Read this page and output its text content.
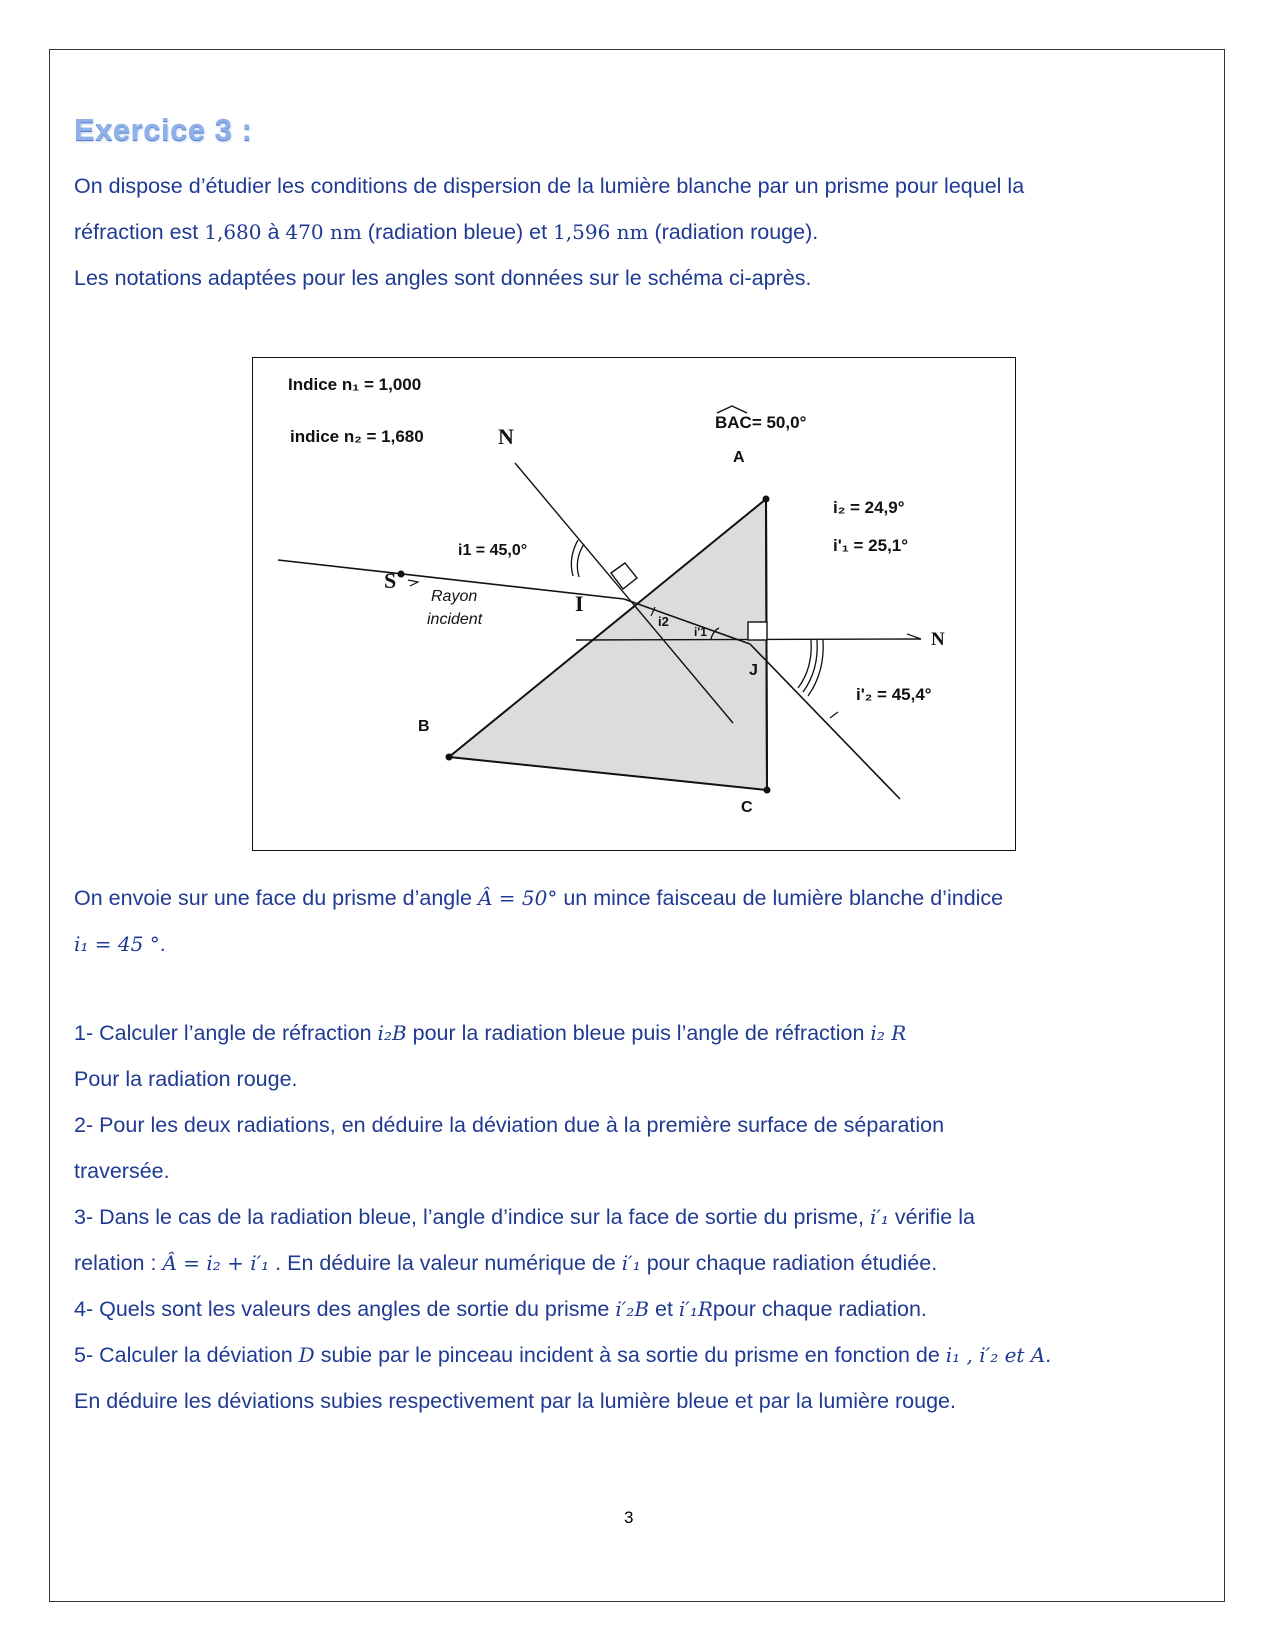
Exercice 3 :
On dispose d’étudier les conditions de dispersion de la lumière blanche par un prisme pour lequel la
réfraction est 1,680 à 470 nm (radiation bleue) et 1,596 nm (radiation rouge).
Les notations adaptées pour les angles sont données sur le schéma ci-après.
Indice n₁ = 1,000
indice n₂ = 1,680	N
BAC= 50,0°
A
i₂ = 24,9°
i'₁ = 25,1°
i1 = 45,0°
S
Rayon
incident
I
i2
i'1	N
J
i'₂ = 45,4°
B
C
On envoie sur une face du prisme d’angle Â = 50° un mince faisceau de lumière blanche d’indice
i₁ = 45 °.
1- Calculer l’angle de réfraction i₂B pour la radiation bleue puis l’angle de réfraction i₂ R
Pour la radiation rouge.
2- Pour les deux radiations, en déduire la déviation due à la première surface de séparation
traversée.
3- Dans le cas de la radiation bleue, l’angle d’indice sur la face de sortie du prisme, i′₁ vérifie la
relation : Â = i₂ + i′₁ . En déduire la valeur numérique de i′₁ pour chaque radiation étudiée.
4- Quels sont les valeurs des angles de sortie du prisme i′₂B et i′₁Rpour chaque radiation.
5- Calculer la déviation D subie par le pinceau incident à sa sortie du prisme en fonction de i₁ , i′₂ et A.
En déduire les déviations subies respectivement par la lumière bleue et par la lumière rouge.
3
